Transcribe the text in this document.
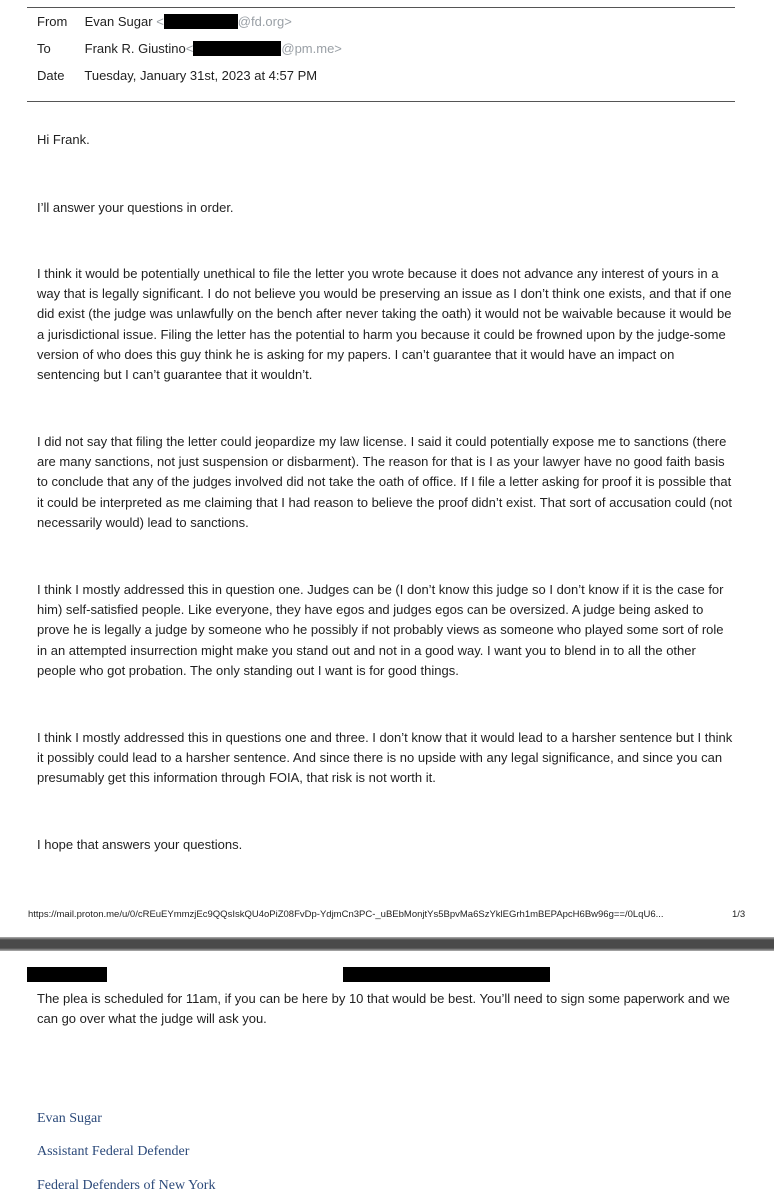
From Evan Sugar <	@fd.org>
To	Frank R. Giustino<	@pm.me>
Date Tuesday, January 31st, 2023 at 4:57 PM

Hi Frank.

I’ll answer your questions in order.

I think it would be potentially unethical to file the letter you wrote because it does not advance any interest of yours in a way that is legally significant. I do not believe you would be preserving an issue as I don’t think one exists, and that if one did exist (the judge was unlawfully on the bench after never taking the oath) it would not be waivable because it would be a jurisdictional issue. Filing the letter has the potential to harm you because it could be frowned upon by the judge-some version of who does this guy think he is asking for my papers. I can’t guarantee that it would have an impact on sentencing but I can’t guarantee that it wouldn’t.

I did not say that filing the letter could jeopardize my law license. I said it could potentially expose me to sanctions (there are many sanctions, not just suspension or disbarment). The reason for that is I as your lawyer have no good faith basis to conclude that any of the judges involved did not take the oath of office. If I file a letter asking for proof it is possible that it could be interpreted as me claiming that I had reason to believe the proof didn’t exist. That sort of accusation could (not necessarily would) lead to sanctions.

I think I mostly addressed this in question one. Judges can be (I don’t know this judge so I don’t know if it is the case for him) self-satisfied people. Like everyone, they have egos and judges egos can be oversized. A judge being asked to prove he is legally a judge by someone who he possibly if not probably views as someone who played some sort of role in an attempted insurrection might make you stand out and not in a good way. I want you to blend in to all the other people who got probation. The only standing out I want is for good things.

I think I mostly addressed this in questions one and three. I don’t know that it would lead to a harsher sentence but I think it possibly could lead to a harsher sentence. And since there is no upside with any legal significance, and since you can presumably get this information through FOIA, that risk is not worth it.

I hope that answers your questions.

https://mail.proton.me/u/0/cREuEYmmzjEc9QQsIskQU4oPiZ08FvDp-YdjmCn3PC-_uBEbMonjtYs5BpvMa6SzYklEGrh1mBEPApcH6Bw96g==/0LqU6...	1/3

The plea is scheduled for 11am, if you can be here by 10 that would be best. You’ll need to sign some paperwork and we can go over what the judge will ask you.

Evan Sugar
Assistant Federal Defender
Federal Defenders of New York
